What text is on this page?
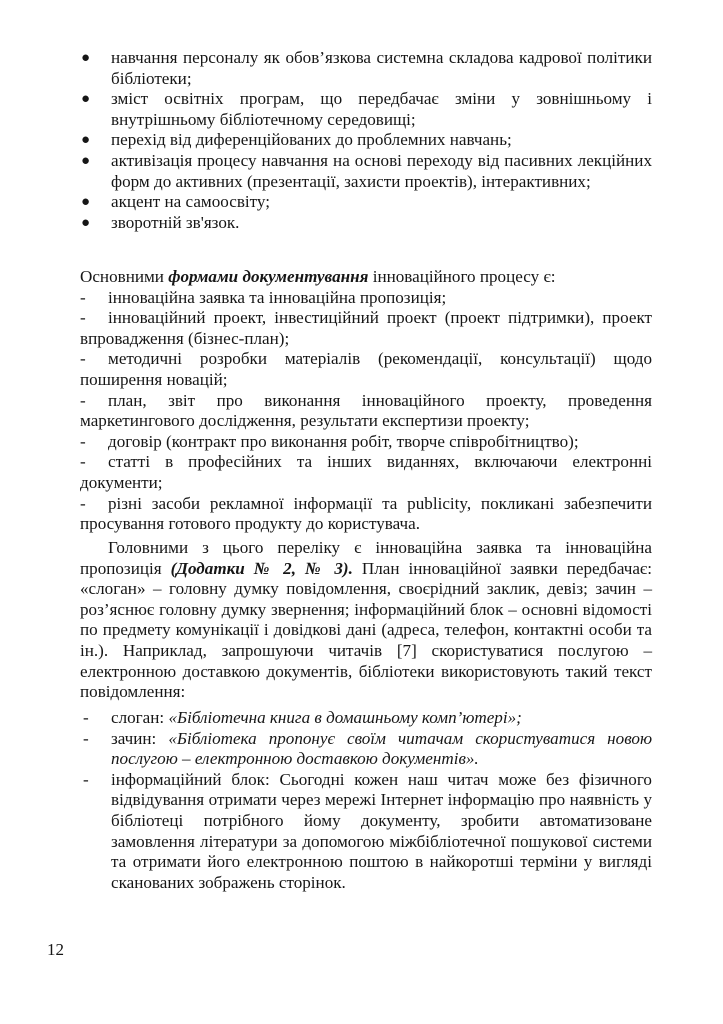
● навчання персоналу як обов’язкова системна складова кадрової політики бібліотеки;
● зміст освітніх програм, що передбачає зміни у зовнішньому і внутрішньому бібліотечному середовищі;
● перехід від диференційованих до проблемних навчань;
● активізація процесу навчання на основі переходу від пасивних лекційних форм до активних (презентації, захисти проектів), інтерактивних;
● акцент на самоосвіту;
● зворотній зв'язок.

Основними формами документування інноваційного процесу є:

- інноваційна заявка та інноваційна пропозиція;

- інноваційний проект, інвестиційний проект (проект підтримки), проект впровадження (бізнес-план);

- методичні розробки матеріалів (рекомендації, консультації) щодо поширення новацій;

- план, звіт про виконання інноваційного проекту, проведення маркетингового дослідження, результати експертизи проекту;

- договір (контракт про виконання робіт, творче співробітництво);

- статті в професійних та інших виданнях, включаючи електронні документи;

- різні засоби рекламної інформації та publicity, покликані забезпечити просування готового продукту до користувача.

Головними з цього переліку є інноваційна заявка та інноваційна пропозиція (Додатки № 2, № 3). План інноваційної заявки передбачає: «слоган» – головну думку повідомлення, своєрідний заклик, девіз; зачин – роз’яснює головну думку звернення; інформаційний блок – основні відомості по предмету комунікації і довідкові дані (адреса, телефон, контактні особи та ін.). Наприклад, запрошуючи читачів [7] скористуватися послугою – електронною доставкою документів, бібліотеки використовують такий текст повідомлення:

- слоган: «Бібліотечна книга в домашньому комп’ютері»;
- зачин: «Бібліотека пропонує своїм читачам скористуватися новою послугою – електронною доставкою документів».
- інформаційний блок: Сьогодні кожен наш читач може без фізичного відвідування отримати через мережі Інтернет інформацію про наявність у бібліотеці потрібного йому документу, зробити автоматизоване замовлення літератури за допомогою міжбібліотечної пошукової системи та отримати його електронною поштою в найкоротші терміни у вигляді сканованих зображень сторінок.
12
